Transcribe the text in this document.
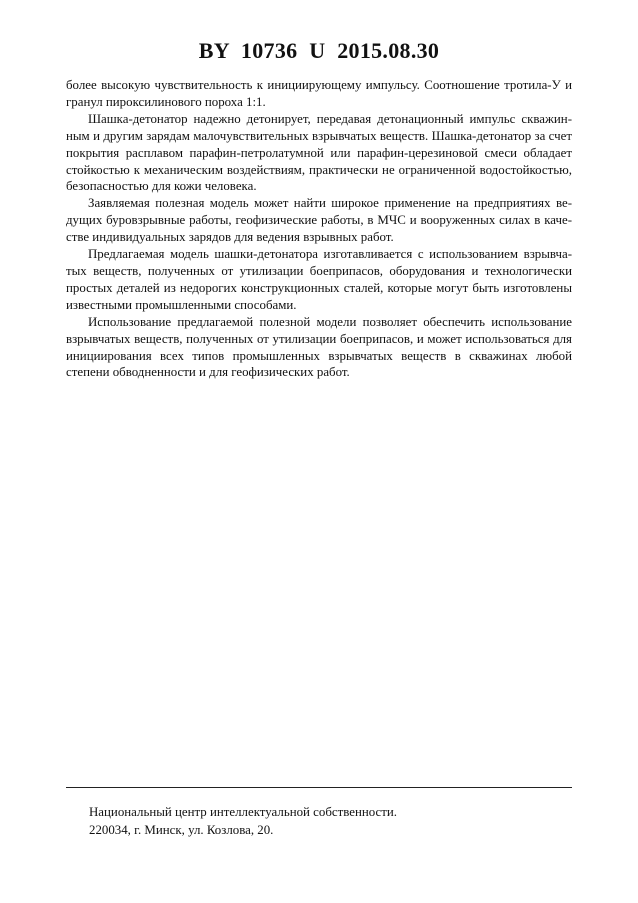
BY 10736 U 2015.08.30

более высокую чувствительность к инициирующему импульсу. Соотношение тротила-У и гранул пироксилинового пороха 1:1.

Шашка-детонатор надежно детонирует, передавая детонационный импульс скважинным и другим зарядам малочувствительных взрывчатых веществ. Шашка-детонатор за счет покрытия расплавом парафин-петролатумной или парафин-церезиновой смеси обладает стойкостью к механическим воздействиям, практически не ограниченной водостойкостью, безопасностью для кожи человека.

Заявляемая полезная модель может найти широкое применение на предприятиях ведущих буровзрывные работы, геофизические работы, в МЧС и вооруженных силах в качестве индивидуальных зарядов для ведения взрывных работ.

Предлагаемая модель шашки-детонатора изготавливается с использованием взрывчатых веществ, полученных от утилизации боеприпасов, оборудования и технологически простых деталей из недорогих конструкционных сталей, которые могут быть изготовлены известными промышленными способами.

Использование предлагаемой полезной модели позволяет обеспечить использование взрывчатых веществ, полученных от утилизации боеприпасов, и может использоваться для инициирования всех типов промышленных взрывчатых веществ в скважинах любой степени обводненности и для геофизических работ.

Национальный центр интеллектуальной собственности.
220034, г. Минск, ул. Козлова, 20.
